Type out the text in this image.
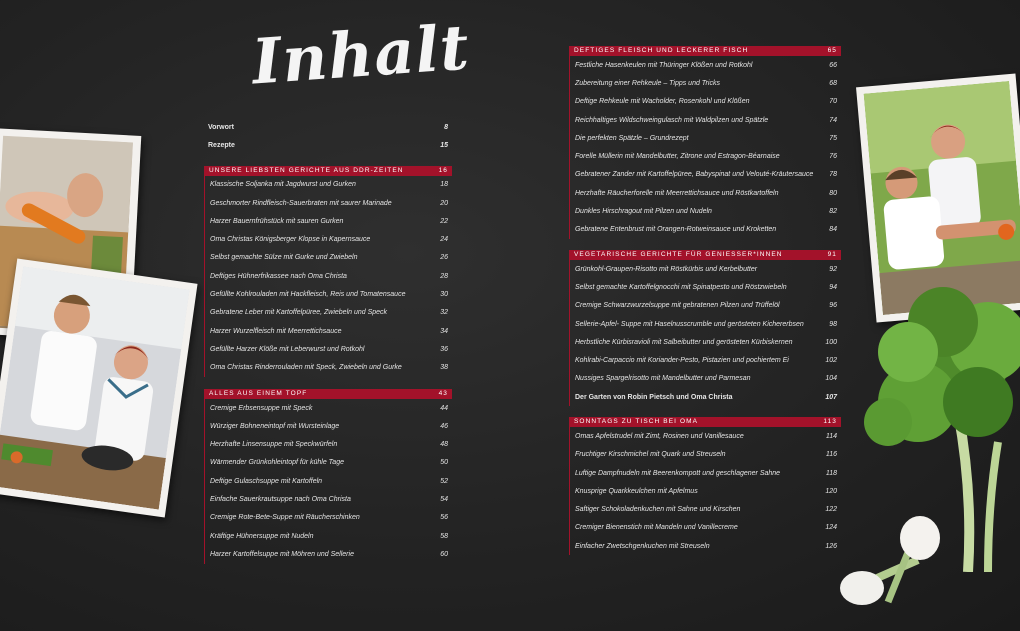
Inhalt
Vorwort	8
Rezepte	15
UNSERE LIEBSTEN GERICHTE AUS DDR-ZEITEN	16
Klassische Soljanka mit Jagdwurst und Gurken	18
Geschmorter Rindfleisch-Sauerbraten mit saurer Marinade	20
Harzer Bauernfrühstück mit sauren Gurken	22
Oma Christas Königsberger Klopse in Kapernsauce	24
Selbst gemachte Sülze mit Gurke und Zwiebeln	26
Deftiges Hühnerfrikassee nach Oma Christa	28
Gefüllte Kohlrouladen mit Hackfleisch, Reis und Tomatensauce	30
Gebratene Leber mit Kartoffelpüree, Zwiebeln und Speck	32
Harzer Wurzelfleisch mit Meerrettichsauce	34
Gefüllte Harzer Klöße mit Leberwurst und Rotkohl	36
Oma Christas Rinderrouladen mit Speck, Zwiebeln und Gurke	38
ALLES AUS EINEM TOPF	43
Cremige Erbsensuppe mit Speck	44
Würziger Bohneneintopf mit Wursteinlage	46
Herzhafte Linsensuppe mit Speckwürfeln	48
Wärmender Grünkohleintopf für kühle Tage	50
Deftige Gulaschsuppe mit Kartoffeln	52
Einfache Sauerkrautsuppe nach Oma Christa	54
Cremige Rote-Bete-Suppe mit Räucherschinken	56
Kräftige Hühnersuppe mit Nudeln	58
Harzer Kartoffelsuppe mit Möhren und Sellerie	60
DEFTIGES FLEISCH UND LECKERER FISCH	65
Festliche Hasenkeulen mit Thüringer Klößen und Rotkohl	66
Zubereitung einer Rehkeule – Tipps und Tricks	68
Deftige Rehkeule mit Wacholder, Rosenkohl und Klößen	70
Reichhaltiges Wildschweingulasch mit Waldpilzen und Spätzle	74
Die perfekten Spätzle – Grundrezept	75
Forelle Müllerin mit Mandelbutter, Zitrone und Estragon-Béarnaise	76
Gebratener Zander mit Kartoffelpüree, Babyspinat und Velouté-Kräutersauce 78
Herzhafte Räucherforelle mit Meerrettichsauce und Röstkartoffeln	80
Dunkles Hirschragout mit Pilzen und Nudeln	82
Gebratene Entenbrust mit Orangen-Rotweinsauce und Kroketten	84
VEGETARISCHE GERICHTE FÜR GENIESSER*INNEN	91
Grünkohl-Graupen-Risotto mit Röstkürbis und Kerbelbutter	92
Selbst gemachte Kartoffelgnocchi mit Spinatpesto und Röstzwiebeln	94
Cremige Schwarzwurzelsuppe mit gebratenen Pilzen und Trüffelöl	96
Sellerie-Apfel- Suppe mit Haselnusscrumble und gerösteten Kichererbsen	98
Herbstliche Kürbisravioli mit Salbeibutter und gerösteten Kürbiskernen	100
Kohlrabi-Carpaccio mit Koriander-Pesto, Pistazien und pochiertem Ei	102
Nussiges Spargelrisotto mit Mandelbutter und Parmesan	104
Der Garten von Robin Pietsch und Oma Christa	107
SONNTAGS ZU TISCH BEI OMA	113
Omas Apfelstrudel mit Zimt, Rosinen und Vanillesauce	114
Fruchtiger Kirschmichel mit Quark und Streuseln	116
Luftige Dampfnudeln mit Beerenkompott und geschlagener Sahne	118
Knusprige Quarkkeulchen mit Apfelmus	120
Saftiger Schokoladenkuchen mit Sahne und Kirschen	122
Cremiger Bienenstich mit Mandeln und Vanillecreme	124
Einfacher Zwetschgenkuchen mit Streuseln	126
